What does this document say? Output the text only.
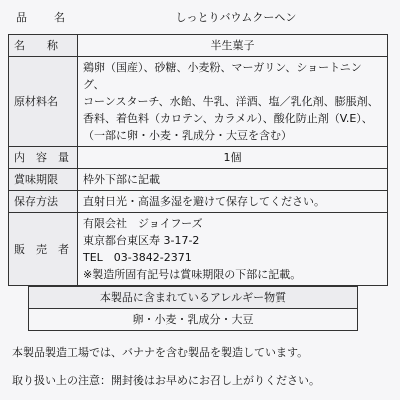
品　名	しっとりバウムクーヘン
名　　称	半生菓子
原材料名	鶏卵（国産）、砂糖、小麦粉、マーガリン、ショートニング、
コーンスターチ、水飴、牛乳、洋酒、塩／乳化剤、膨脹剤、
香料、着色料（カロテン、カラメル）、酸化防止剤（V.E）、
（一部に卵・小麦・乳成分・大豆を含む）

内　容　量	1個
賞味期限	枠外下部に記載
保存方法	直射日光・高温多湿を避けて保存してください。
販　売　者	有限会社　ジョイフーズ
東京都台東区寿 3-17-2
TEL　03-3842-2371
※製造所固有記号は賞味期限の下部に記載。
本製品に含まれているアレルギー物質
卵・小麦・乳成分・大豆
本製品製造工場では、バナナを含む製品を製造しています。
取り扱い上の注意：開封後はお早めにお召し上がりください。
